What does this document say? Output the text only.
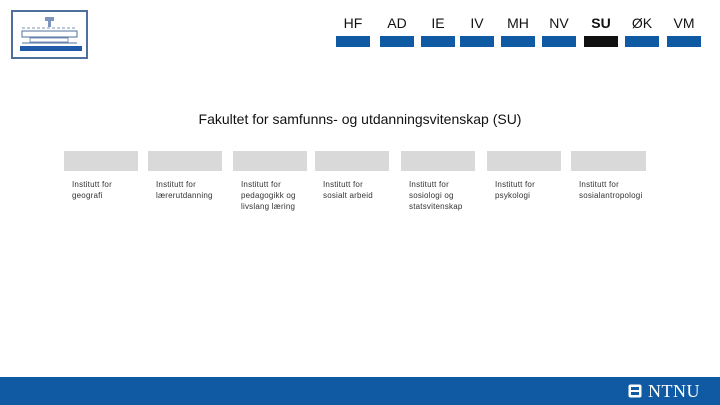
HF	AD	IE	IV	MH	NV	SU	ØK	VM
Fakultet for samfunns- og utdanningsvitenskap (SU)
Institutt for geografi
Institutt for lærerutdanning
Institutt for pedagogikk og livslang læring
Institutt for sosialt arbeid
Institutt for sosiologi og statsvitenskap
Institutt for psykologi
Institutt for sosialantropologi
NTNU
